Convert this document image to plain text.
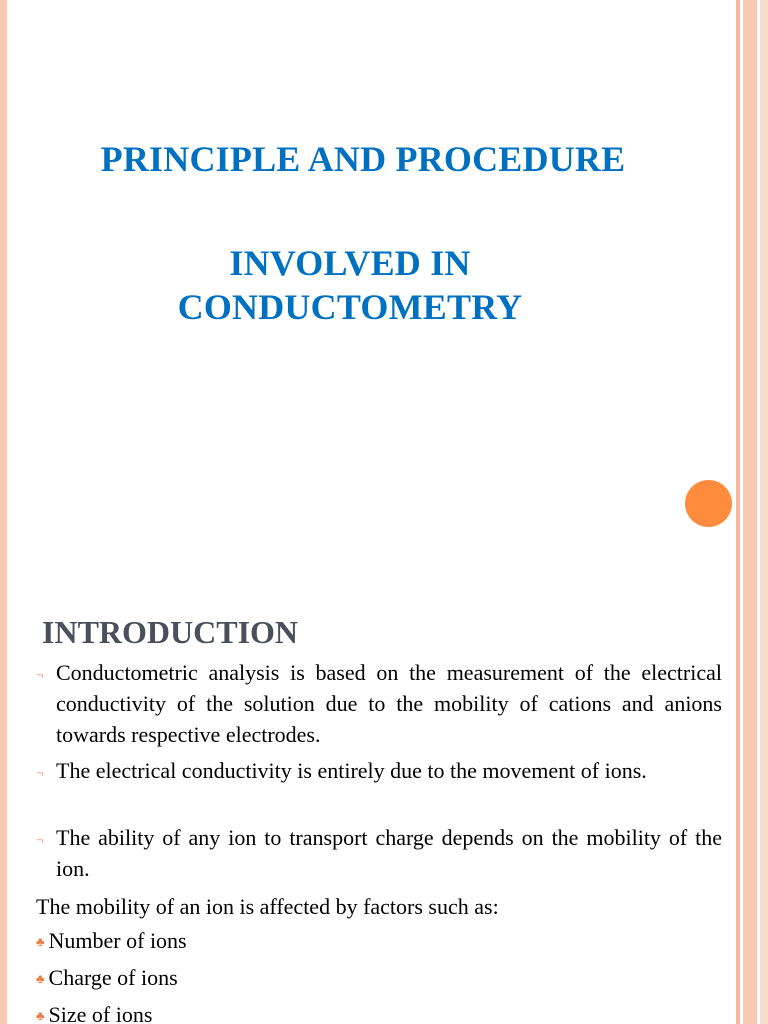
PRINCIPLE AND PROCEDURE
INVOLVED IN
CONDUCTOMETRY
INTRODUCTION
¬ Conductometric analysis is based on the measurement of the electrical conductivity of the solution due to the mobility of cations and anions towards respective electrodes.
¬ The electrical conductivity is entirely due to the movement of ions.
¬ The ability of any ion to transport charge depends on the mobility of the ion.
The mobility of an ion is affected by factors such as:
♣ Number of ions
♣ Charge of ions
♣ Size of ions
